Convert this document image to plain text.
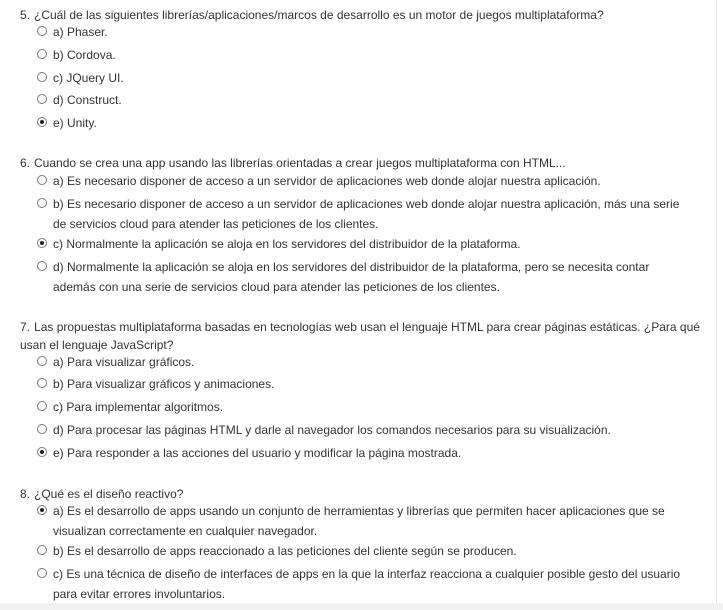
5. ¿Cuál de las siguientes librerías/aplicaciones/marcos de desarrollo es un motor de juegos multiplataforma?

a) Phaser.
b) Cordova.
c) JQuery UI.
d) Construct.
e) Unity.

6. Cuando se crea una app usando las librerías orientadas a crear juegos multiplataforma con HTML...

a) Es necesario disponer de acceso a un servidor de aplicaciones web donde alojar nuestra aplicación.
b) Es necesario disponer de acceso a un servidor de aplicaciones web donde alojar nuestra aplicación, más una serie de servicios cloud para atender las peticiones de los clientes.
c) Normalmente la aplicación se aloja en los servidores del distribuidor de la plataforma.
d) Normalmente la aplicación se aloja en los servidores del distribuidor de la plataforma, pero se necesita contar además con una serie de servicios cloud para atender las peticiones de los clientes.

7. Las propuestas multiplataforma basadas en tecnologías web usan el lenguaje HTML para crear páginas estáticas. ¿Para qué usan el lenguaje JavaScript?

a) Para visualizar gráficos.
b) Para visualizar gráficos y animaciones.
c) Para implementar algoritmos.
d) Para procesar las páginas HTML y darle al navegador los comandos necesarios para su visualización.
e) Para responder a las acciones del usuario y modificar la página mostrada.

8. ¿Qué es el diseño reactivo?

a) Es el desarrollo de apps usando un conjunto de herramientas y librerías que permiten hacer aplicaciones que se visualizan correctamente en cualquier navegador.
b) Es el desarrollo de apps reaccionado a las peticiones del cliente según se producen.
c) Es una técnica de diseño de interfaces de apps en la que la interfaz reacciona a cualquier posible gesto del usuario para evitar errores involuntarios.
